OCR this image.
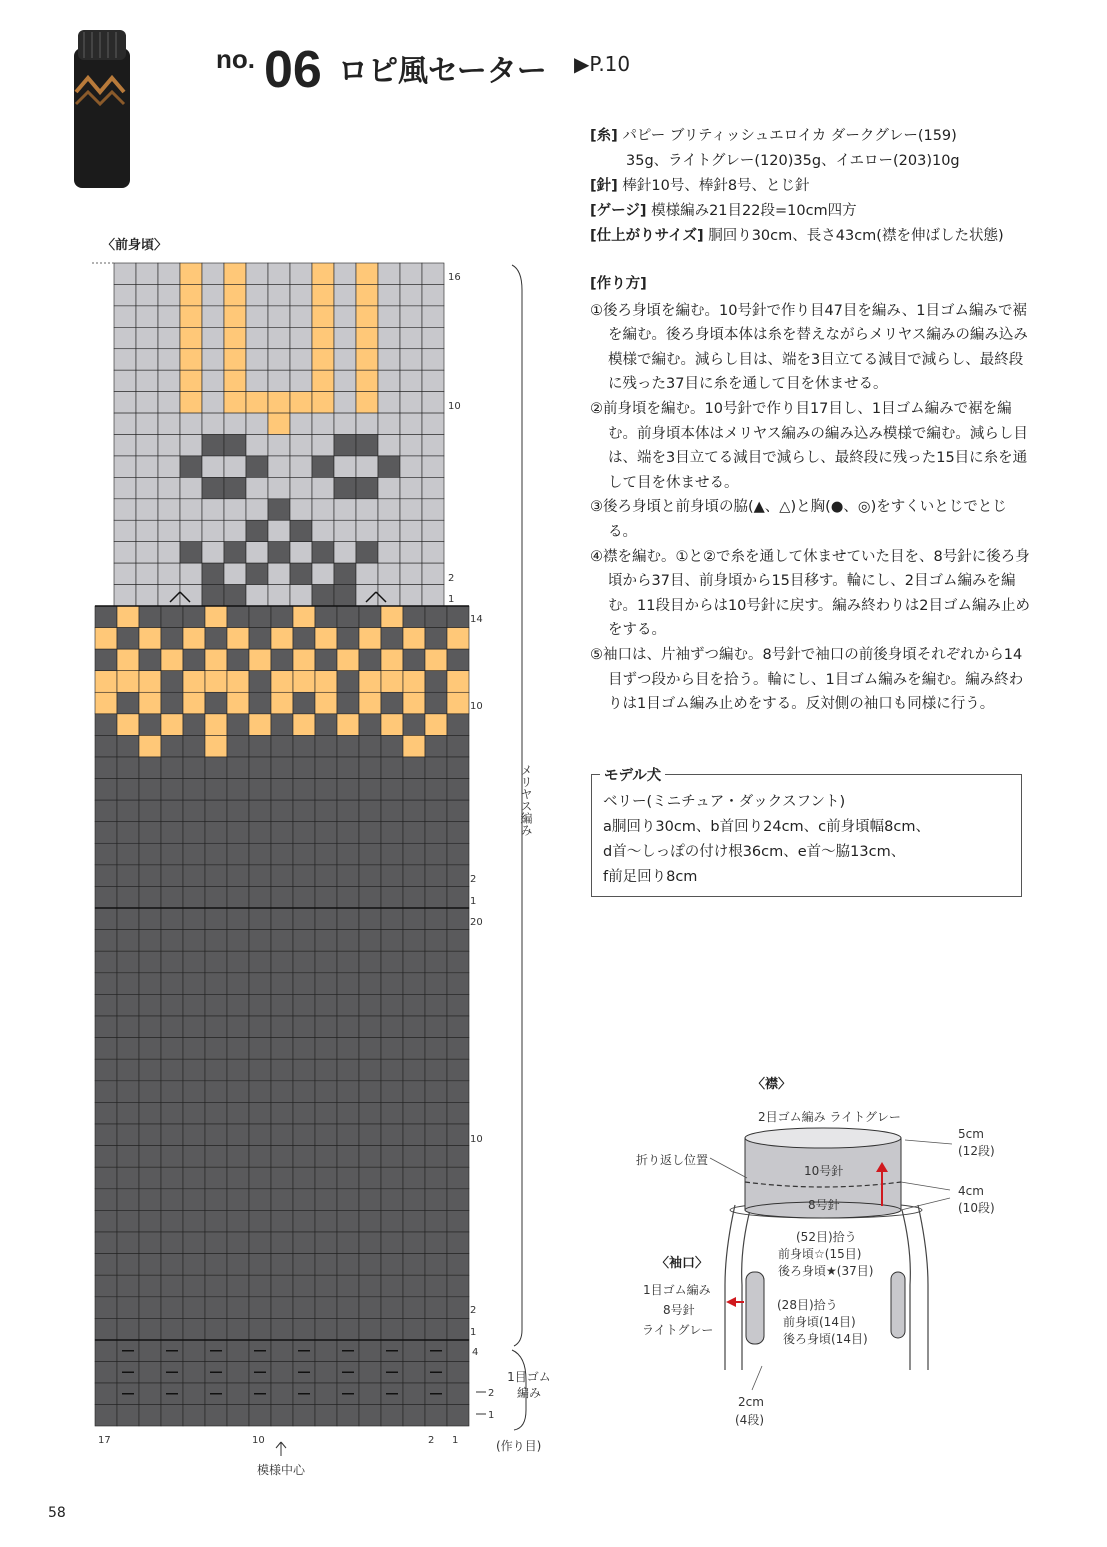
no. 06 ロピ風セーター ▶P.10
[糸] パピー ブリティッシュエロイカ ダークグレー(159)
35g、ライトグレー(120)35g、イエロー(203)10g
[針] 棒針10号、棒針8号、とじ針
[ゲージ] 模様編み21目22段=10cm四方
[仕上がりサイズ] 胴回り30cm、長さ43cm(襟を伸ばした状態)
[作り方]
①後ろ身頃を編む。10号針で作り目47目を編み、1目ゴム編みで裾を編む。後ろ身頃本体は糸を替えながらメリヤス編みの編み込み模様で編む。減らし目は、端を3目立てる減目で減らし、最終段に残った37目に糸を通して目を休ませる。
②前身頃を編む。10号針で作り目17目し、1目ゴム編みで裾を編む。前身頃本体はメリヤス編みの編み込み模様で編む。減らし目は、端を3目立てる減目で減らし、最終段に残った15目に糸を通して目を休ませる。
③後ろ身頃と前身頃の脇(▲、△)と胸(●、◎)をすくいとじでとじる。
④襟を編む。①と②で糸を通して休ませていた目を、8号針に後ろ身頃から37目、前身頃から15目移す。輪にし、2目ゴム編みを編む。11段目からは10号針に戻す。編み終わりは2目ゴム編み止めをする。
⑤袖口は、片袖ずつ編む。8号針で袖口の前後身頃それぞれから14目ずつ段から目を拾う。輪にし、1目ゴム編みを編む。編み終わりは1目ゴム編み止めをする。反対側の袖口も同様に行う。
モデル犬
ベリー(ミニチュア・ダックスフント)
a胴回り30cm、b首回り24cm、c前身頃幅8cm、
d首〜しっぽの付け根36cm、e首〜脇13cm、
f前足回り8cm
〈前身頃〉
16
10
2
1
14
10
2
1
20
10
2
1
4
2
1
17	10	2 1
模様中心
メリヤス編み
1目ゴム編み
(作り目)
〈襟〉
2目ゴム編み ライトグレー
折り返し位置
10号針
8号針
5cm
(12段)
4cm
(10段)
(52目)拾う
前身頃☆(15目)
後ろ身頃★(37目)
〈袖口〉
1目ゴム編み
8号針
ライトグレー
(28目)拾う
前身頃(14目)
後ろ身頃(14目)
2cm
(4段)
58
